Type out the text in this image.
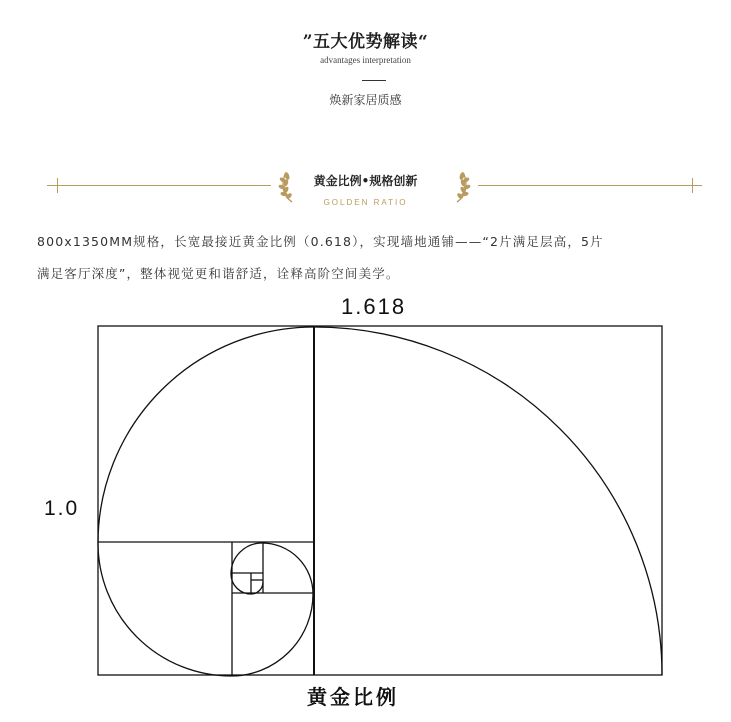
”五大优势解读“
advantages interpretation
焕新家居质感
黄金比例•规格创新
GOLDEN RATIO
800x1350MM规格，长宽最接近黄金比例（0.618），实现墙地通铺——“2片满足层高，5片
满足客厅深度”，整体视觉更和谐舒适，诠释高阶空间美学。
1.618
1.0
黄金比例
